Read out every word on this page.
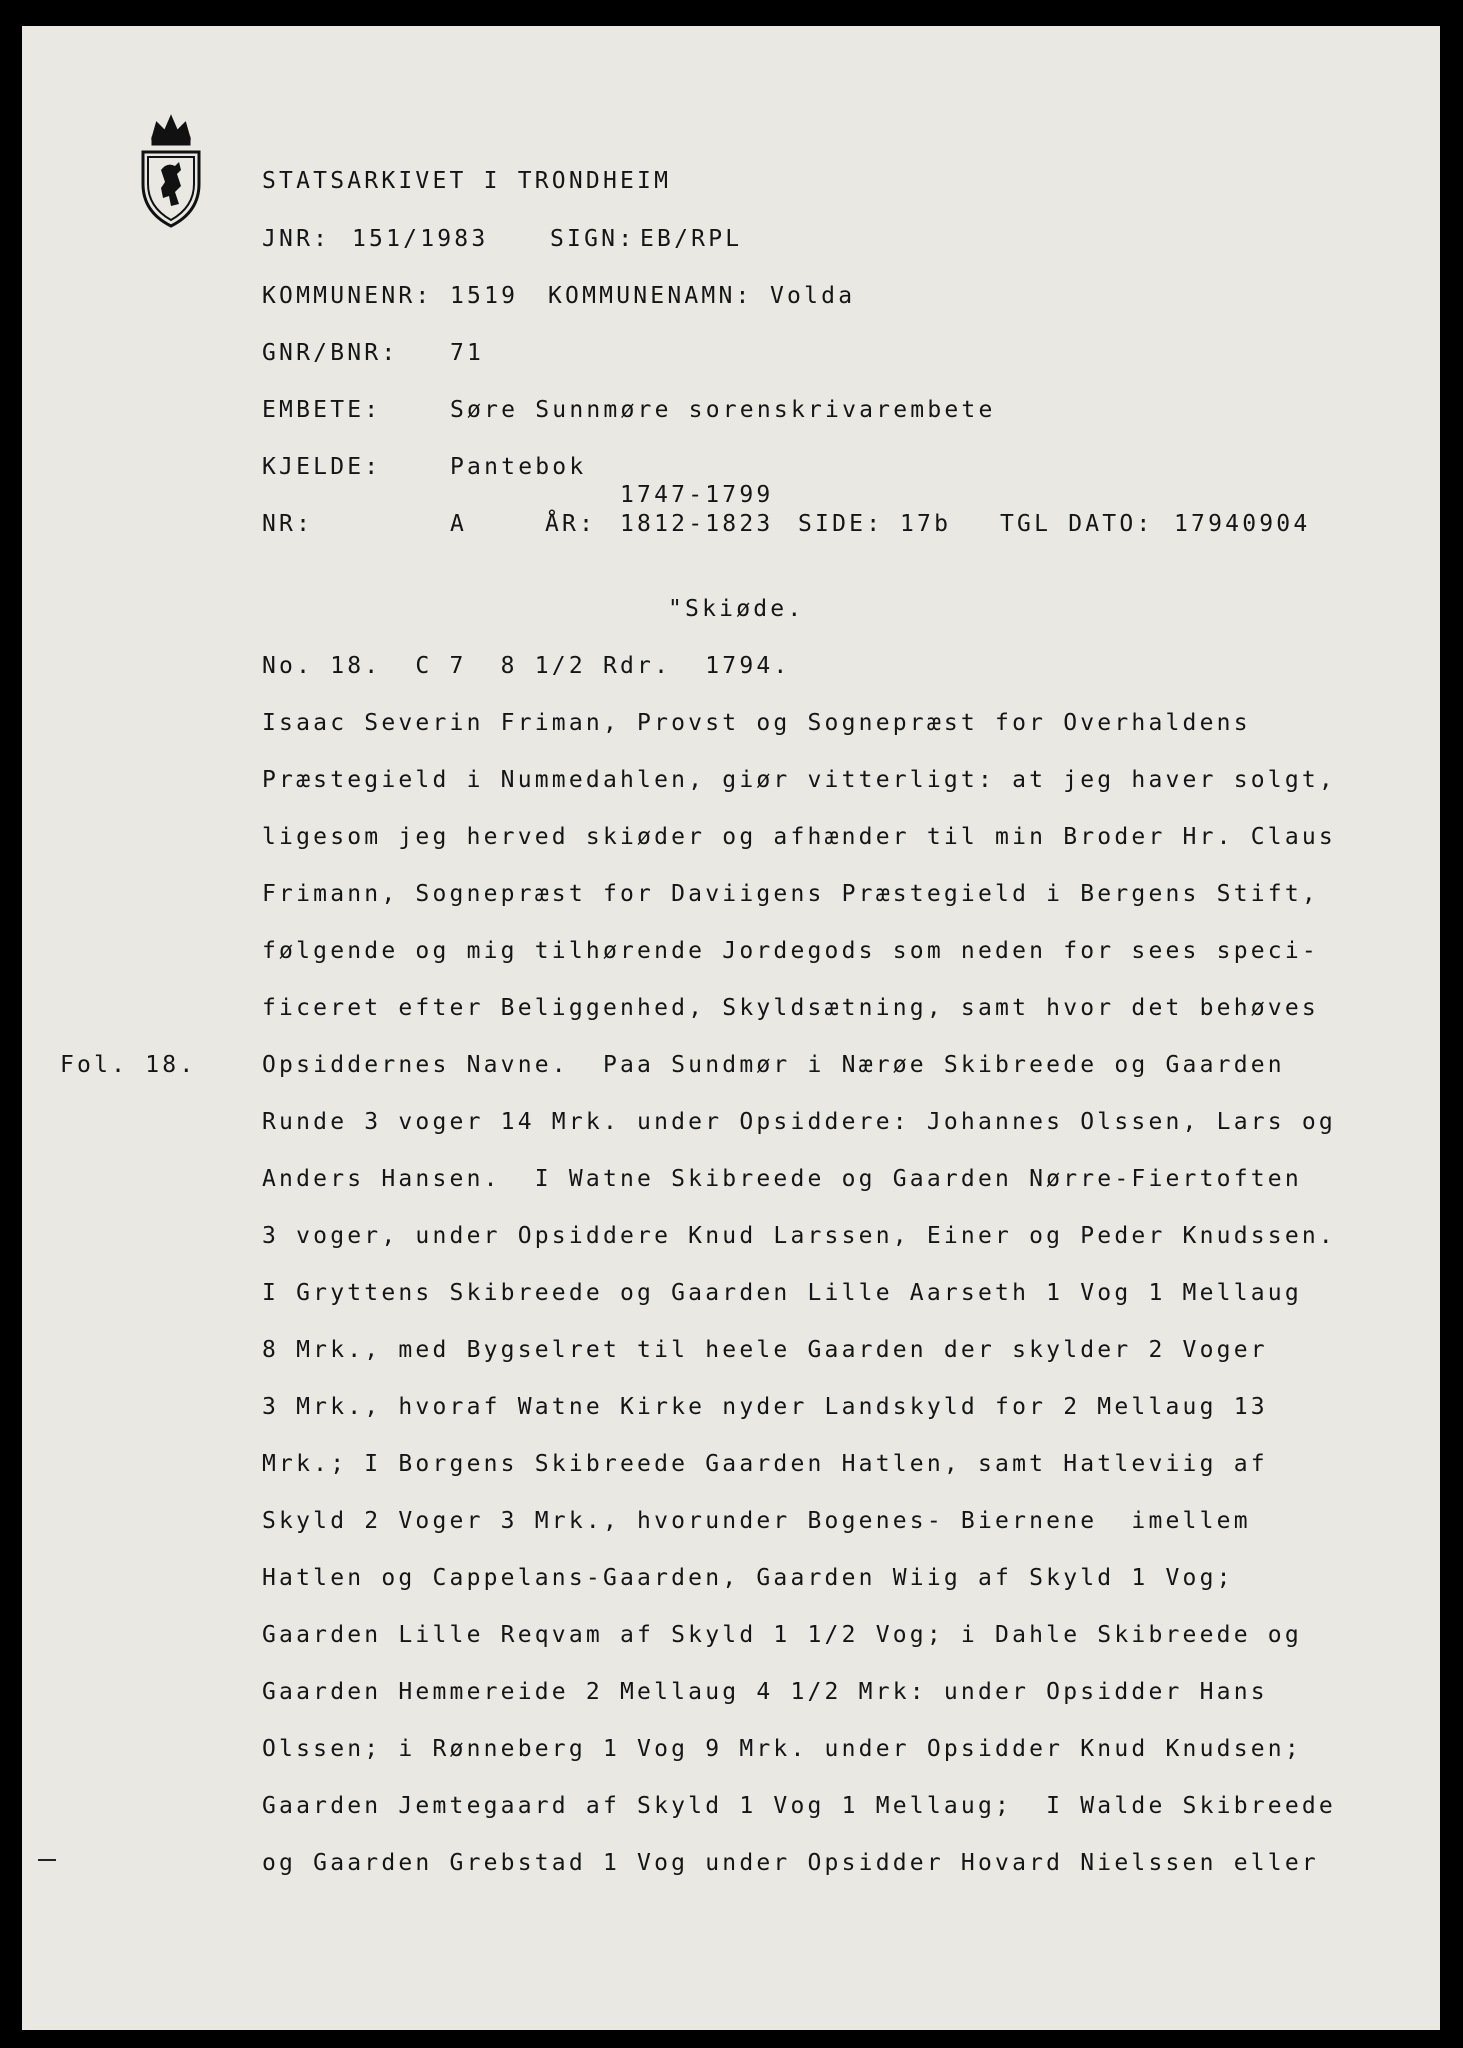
STATSARKIVET I TRONDHEIM
JNR: 151/1983	SIGN: EB/RPL
KOMMUNENR: 1519 KOMMUNENAMN: Volda
GNR/BNR: 71
EMBETE:	Søre Sunnmøre sorenskrivarembete
KJELDE:	Pantebok
1747-1799
NR:	A	ÅR: 1812-1823 SIDE: 17b TGL DATO: 17940904
"Skiøde.
No. 18.  C 7  8 1/2 Rdr.  1794.
Fol. 18.
Isaac Severin Friman, Provst og Sognepræst for Overhaldens
Præstegield i Nummedahlen, giør vitterligt: at jeg haver solgt,
ligesom jeg herved skiøder og afhænder til min Broder Hr. Claus
Frimann, Sognepræst for Daviigens Præstegield i Bergens Stift,
følgende og mig tilhørende Jordegods som neden for sees speci-
ficeret efter Beliggenhed, Skyldsætning, samt hvor det behøves
Opsiddernes Navne.  Paa Sundmør i Nærøe Skibreede og Gaarden
Runde 3 voger 14 Mrk. under Opsiddere: Johannes Olssen, Lars og
Anders Hansen.  I Watne Skibreede og Gaarden Nørre-Fiertoften
3 voger, under Opsiddere Knud Larssen, Einer og Peder Knudssen.
I Gryttens Skibreede og Gaarden Lille Aarseth 1 Vog 1 Mellaug
8 Mrk., med Bygselret til heele Gaarden der skylder 2 Voger
3 Mrk., hvoraf Watne Kirke nyder Landskyld for 2 Mellaug 13
Mrk.; I Borgens Skibreede Gaarden Hatlen, samt Hatleviig af
Skyld 2 Voger 3 Mrk., hvorunder Bogenes- Biernene  imellem
Hatlen og Cappelans-Gaarden, Gaarden Wiig af Skyld 1 Vog;
Gaarden Lille Reqvam af Skyld 1 1/2 Vog; i Dahle Skibreede og
Gaarden Hemmereide 2 Mellaug 4 1/2 Mrk: under Opsidder Hans
Olssen; i Rønneberg 1 Vog 9 Mrk. under Opsidder Knud Knudsen;
Gaarden Jemtegaard af Skyld 1 Vog 1 Mellaug;  I Walde Skibreede
og Gaarden Grebstad 1 Vog under Opsidder Hovard Nielssen eller
